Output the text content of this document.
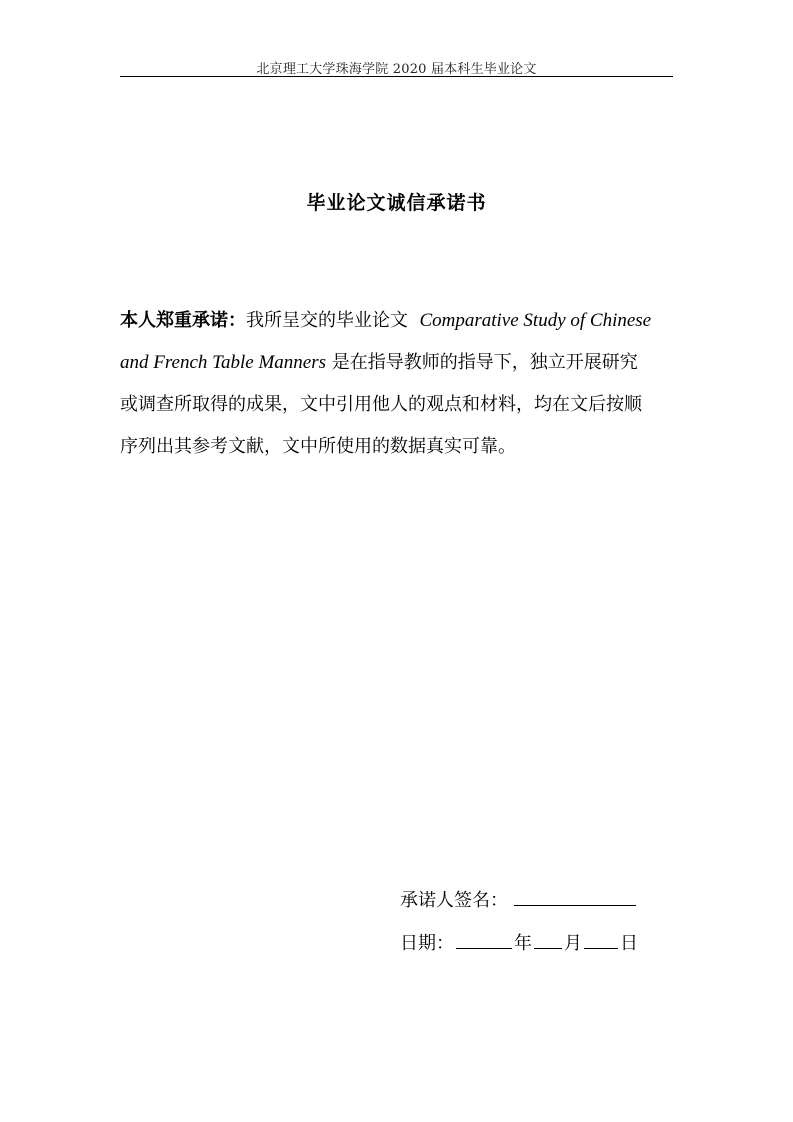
北京理工大学珠海学院 2020 届本科生毕业论文
毕业论文诚信承诺书

本人郑重承诺：我所呈交的毕业论文 Comparative Study of Chinese and French Table Manners 是在指导教师的指导下，独立开展研究或调查所取得的成果，文中引用他人的观点和材料，均在文后按顺序列出其参考文献，文中所使用的数据真实可靠。

承诺人签名：
日期：	年 月 日
